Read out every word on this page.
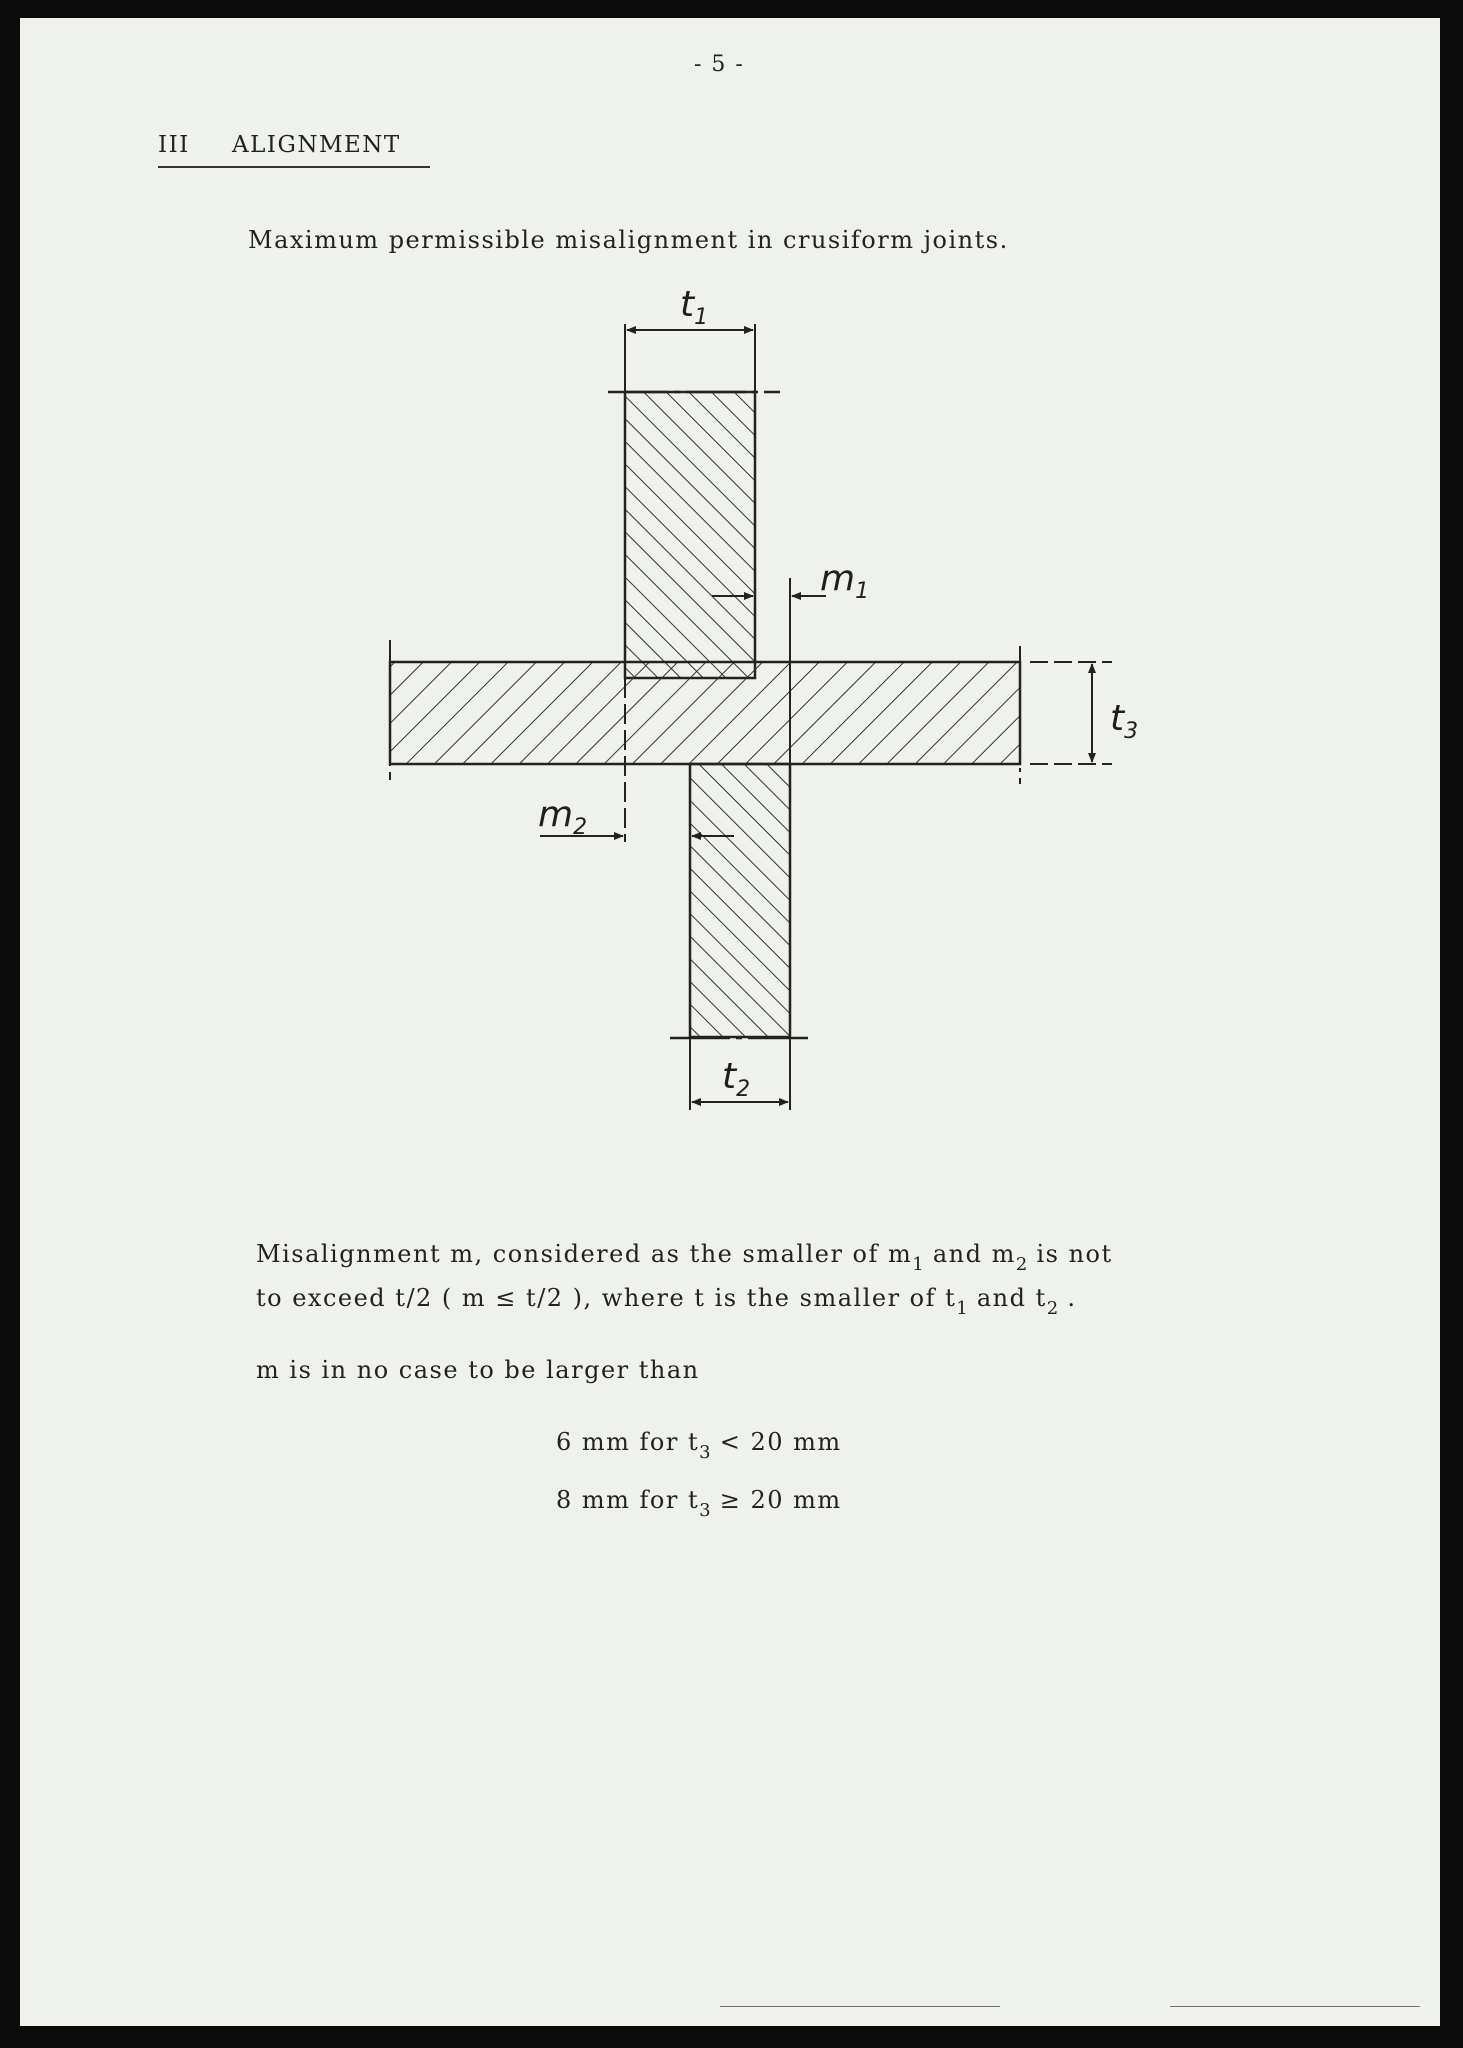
- 5 -

III ALIGNMENT

Maximum permissible misalignment in crusiform joints.

$t_1$
$t_3$
$m_1$
$m_2$
$t_2$

Misalignment m, considered as the smaller of $m_1$ and $m_2$ is not

to exceed t/2 ( m ≤ t/2 ), where t is the smaller of $t_1$ and $t_2$ .

m is in no case to be larger than

6 mm for $t_3 < 20$ mm

8 mm for $t_3 \ge 20$ mm
